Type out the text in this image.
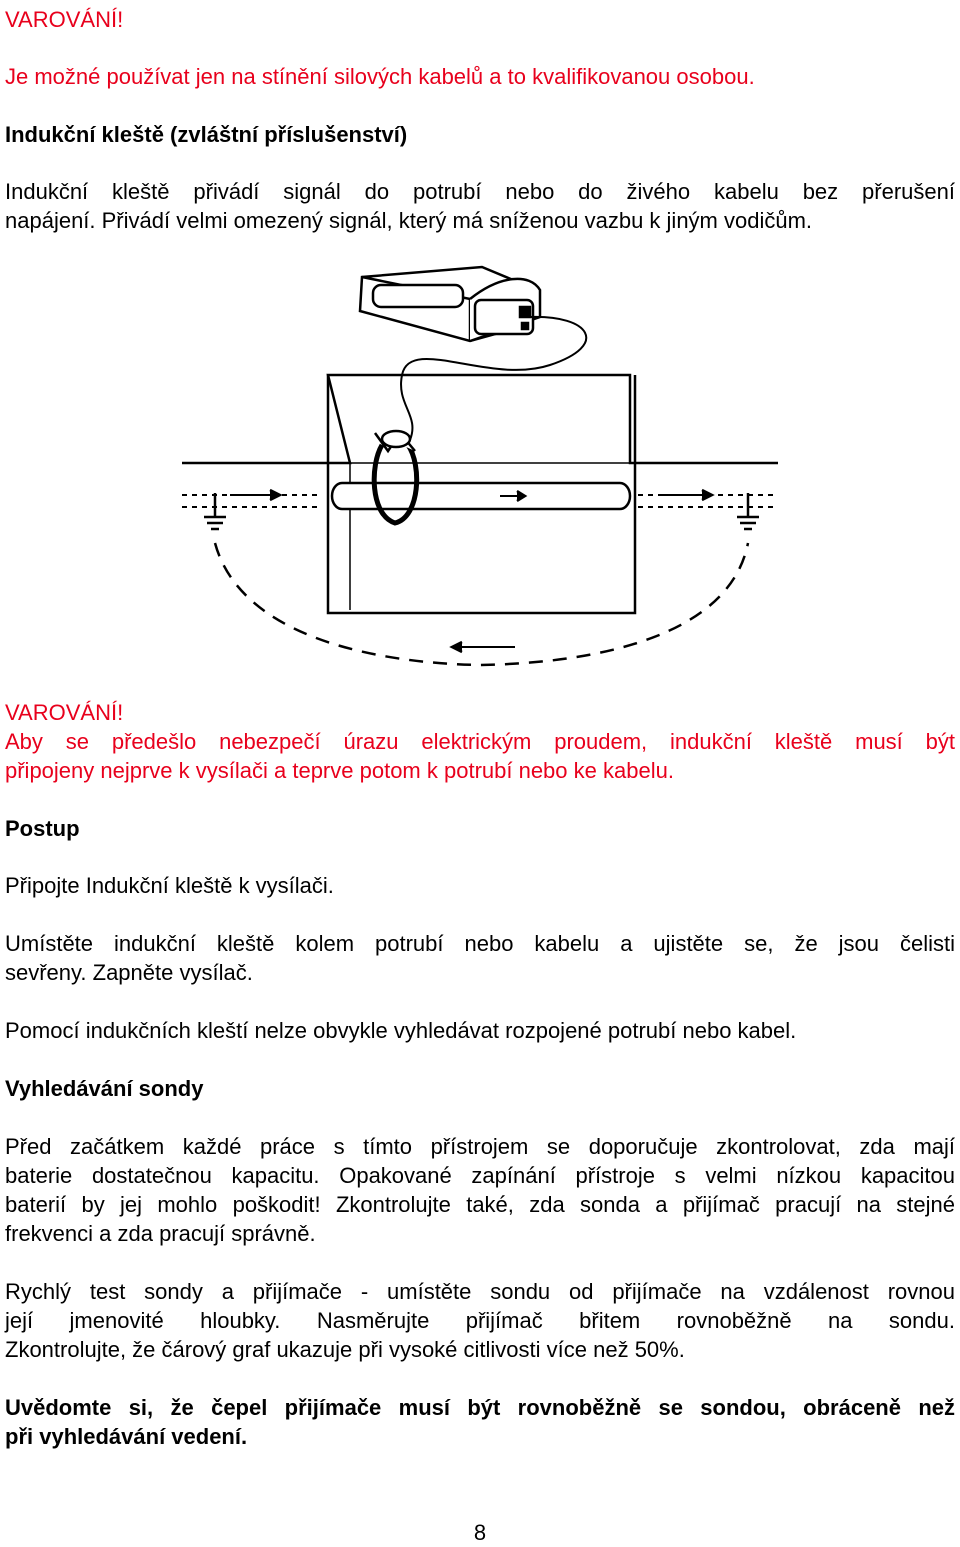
VAROVÁNÍ!

Je možné používat jen na stínění silových kabelů a to kvalifikovanou osobou.

Indukční kleště (zvláštní příslušenství)

Indukční kleště přivádí signál do potrubí nebo do živého kabelu bez přerušení
napájení. Přivádí velmi omezený signál, který má sníženou vazbu k jiným vodičům.

VAROVÁNÍ!

Aby se předešlo nebezpečí úrazu elektrickým proudem, indukční kleště musí být
připojeny nejprve k vysílači a teprve potom k potrubí nebo ke kabelu.

Postup

Připojte Indukční kleště k vysílači.

Umístěte indukční kleště kolem potrubí nebo kabelu a ujistěte se, že jsou čelisti
sevřeny. Zapněte vysílač.

Pomocí indukčních kleští nelze obvykle vyhledávat rozpojené potrubí nebo kabel.

Vyhledávání sondy

Před začátkem každé práce s tímto přístrojem se doporučuje zkontrolovat, zda mají
baterie dostatečnou kapacitu. Opakované zapínání přístroje s velmi nízkou kapacitou
baterií by jej mohlo poškodit! Zkontrolujte také, zda sonda a přijímač pracují na stejné
frekvenci a zda pracují správně.
Rychlý test sondy a přijímače - umístěte sondu od přijímače na vzdálenost rovnou
její jmenovité hloubky. Nasměrujte přijímač břitem rovnoběžně na sondu.
Zkontrolujte, že čárový graf ukazuje při vysoké citlivosti více než 50%.
Uvědomte si, že čepel přijímače musí být rovnoběžně se sondou, obráceně než
při vyhledávání vedení.
8
